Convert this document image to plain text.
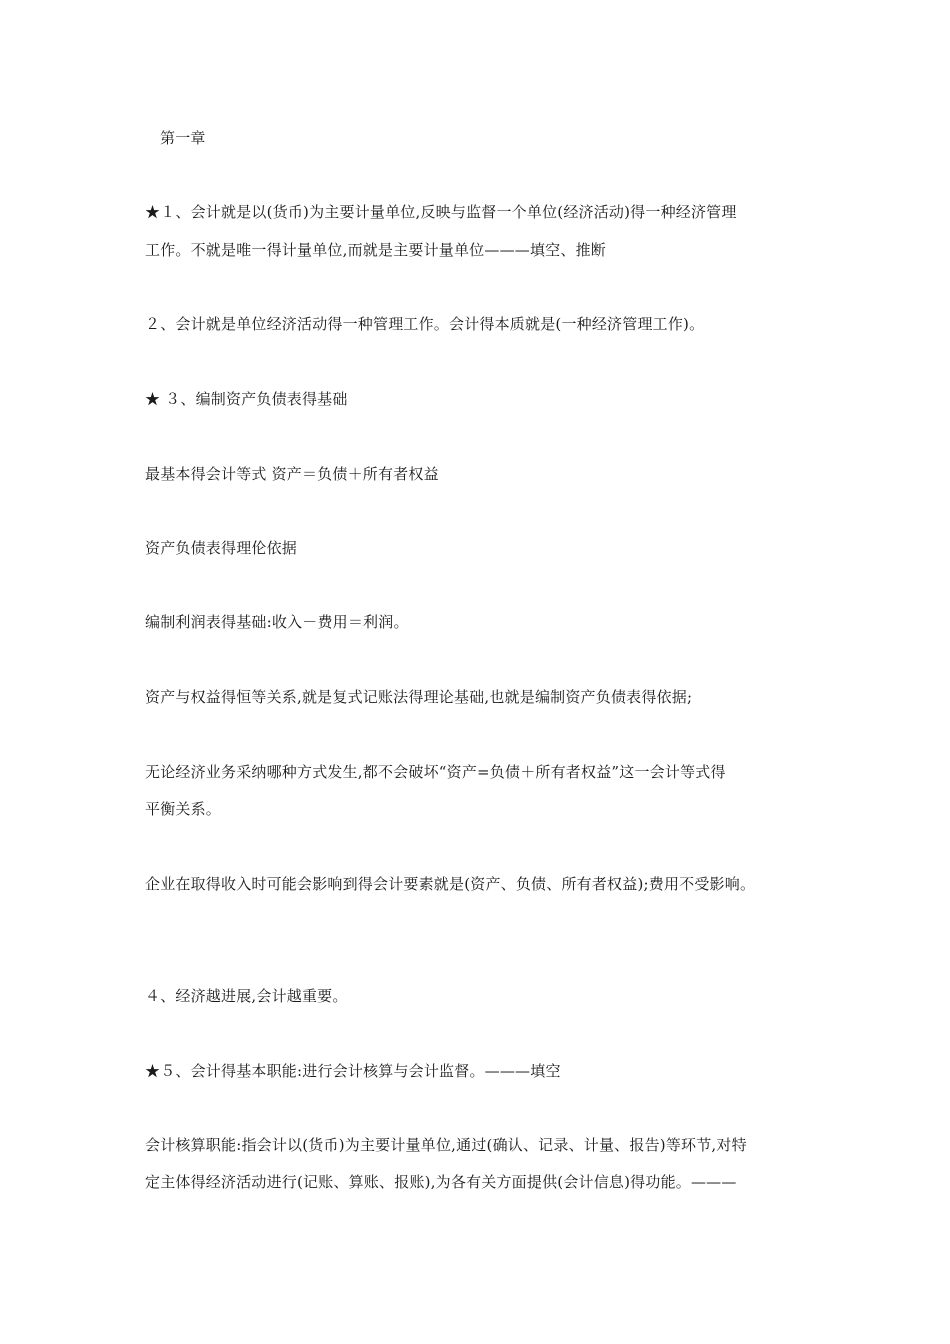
第一章
★１、会计就是以(货币)为主要计量单位,反映与监督一个单位(经济活动)得一种经济管理
工作。不就是唯一得计量单位,而就是主要计量单位———填空、推断
２、会计就是单位经济活动得一种管理工作。会计得本质就是(一种经济管理工作)。
★ ３、编制资产负债表得基础
最基本得会计等式 资产＝负债＋所有者权益
资产负债表得理伦依据
编制利润表得基础:收入－费用＝利润。
资产与权益得恒等关系,就是复式记账法得理论基础,也就是编制资产负债表得依据;
无论经济业务采纳哪种方式发生,都不会破坏“资产=负债＋所有者权益”这一会计等式得
平衡关系。
企业在取得收入时可能会影响到得会计要素就是(资产、负债、所有者权益);费用不受影响。
４、经济越进展,会计越重要。
★５、会计得基本职能:进行会计核算与会计监督。———填空
会计核算职能:指会计以(货币)为主要计量单位,通过(确认、记录、计量、报告)等环节,对特
定主体得经济活动进行(记账、算账、报账),为各有关方面提供(会计信息)得功能。———
